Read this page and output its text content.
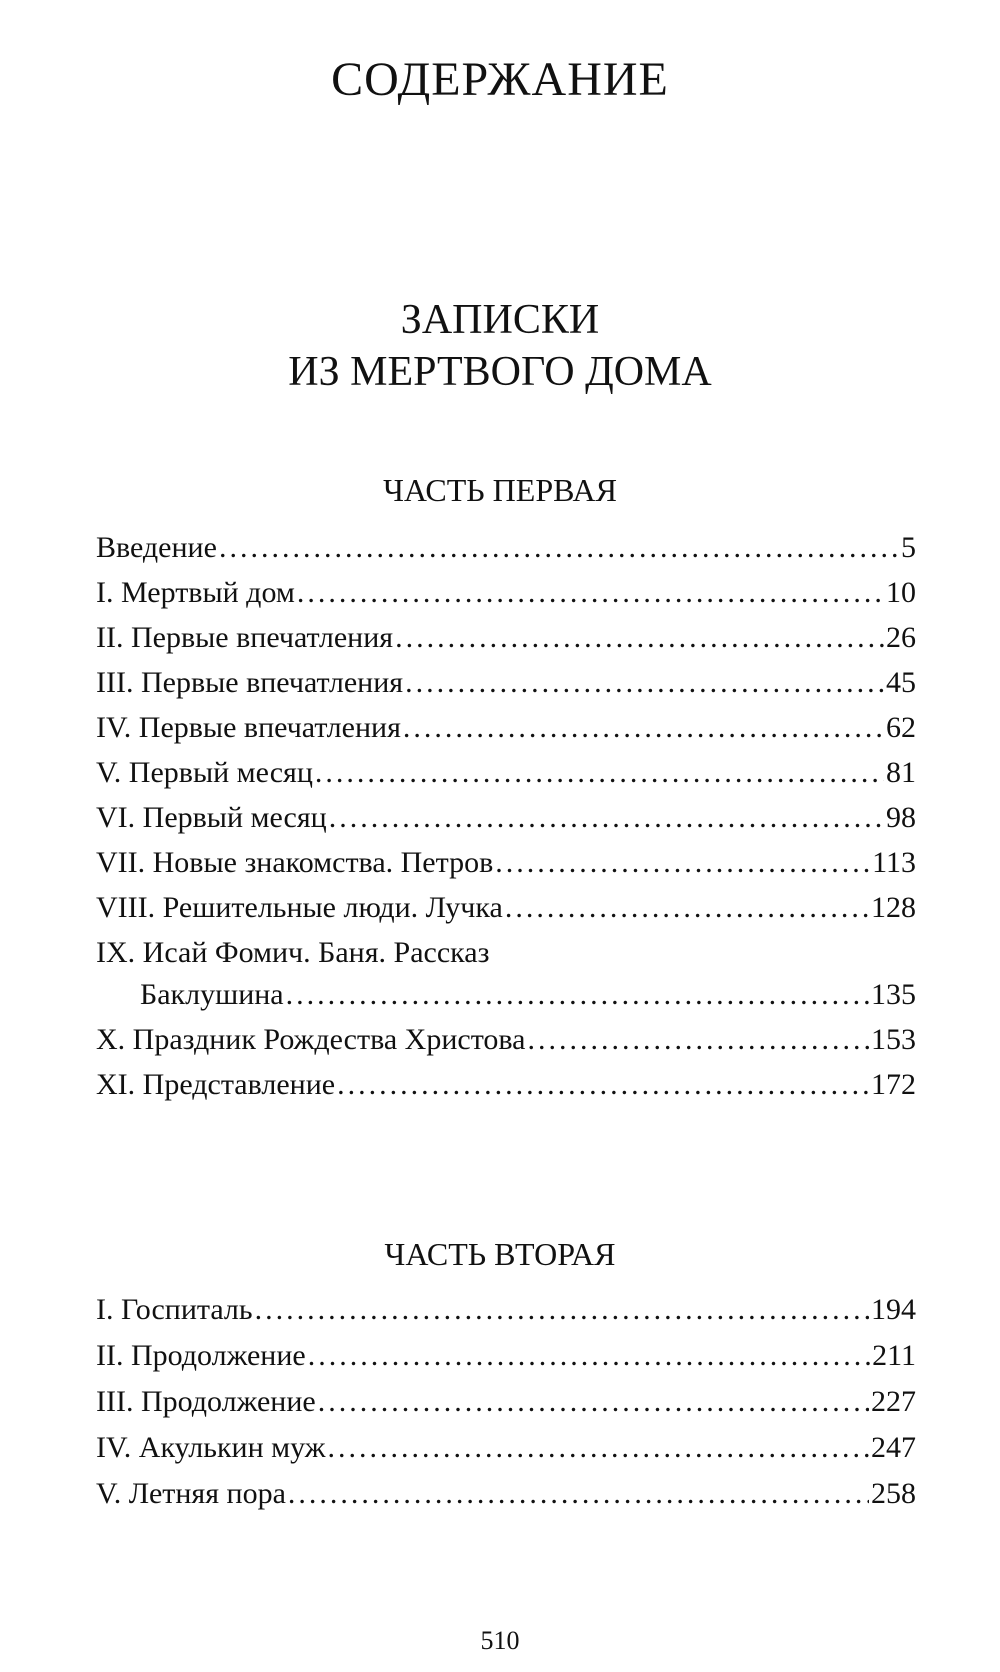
СОДЕРЖАНИЕ
ЗАПИСКИ
ИЗ МЕРТВОГО ДОМА
ЧАСТЬ ПЕРВАЯ
Введение .....	5
I. Мертвый дом .....	10
II. Первые впечатления .....	26
III. Первые впечатления .....	45
IV. Первые впечатления .....	62
V. Первый месяц .....	81
VI. Первый месяц .....	98
VII. Новые знакомства. Петров .....	113
VIII. Решительные люди. Лучка .....	128
IX. Исай Фомич. Баня. Рассказ
Баклушина .....	135
X. Праздник Рождества Христова .....	153
XI. Представление .....	172
ЧАСТЬ ВТОРАЯ
I. Госпиталь .....	194
II. Продолжение .....	211
III. Продолжение .....	227
IV. Акулькин муж .....	247
V. Летняя пора .....	258
510
